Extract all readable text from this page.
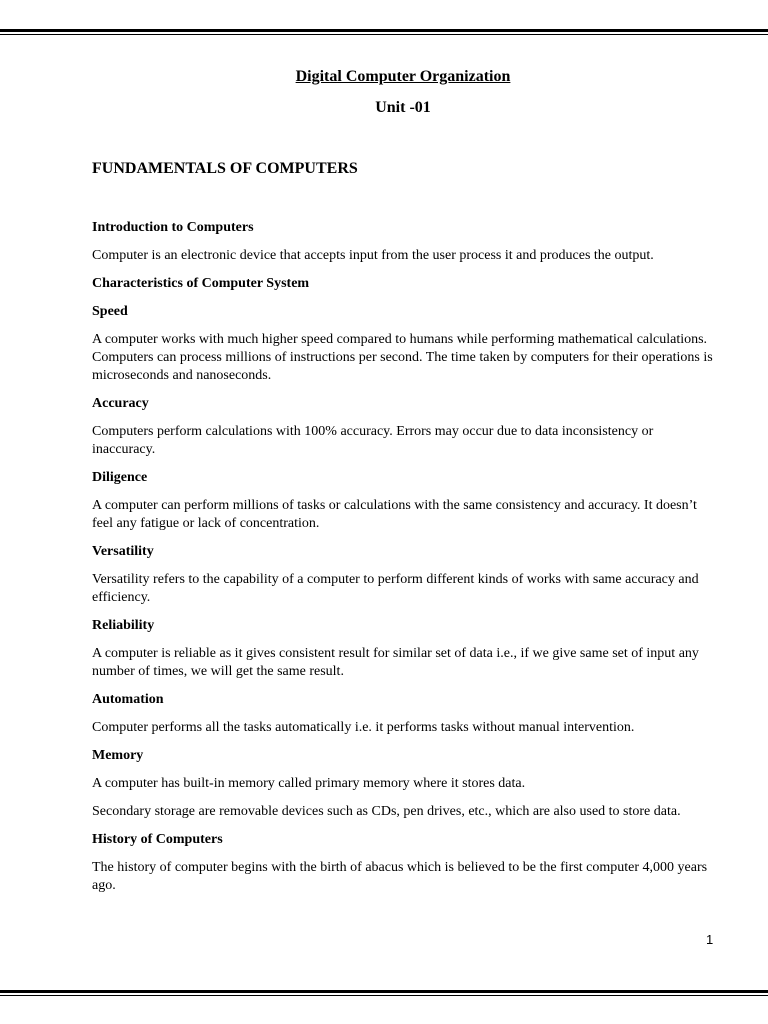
Digital Computer Organization
Unit -01
FUNDAMENTALS OF COMPUTERS

Introduction to Computers

Computer is an electronic device that accepts input from the user process it and produces the output.

Characteristics of Computer System

Speed

A computer works with much higher speed compared to humans while performing mathematical calculations. Computers can process millions of instructions per second. The time taken by computers for their operations is microseconds and nanoseconds.

Accuracy

Computers perform calculations with 100% accuracy. Errors may occur due to data inconsistency or inaccuracy.

Diligence

A computer can perform millions of tasks or calculations with the same consistency and accuracy. It doesn’t feel any fatigue or lack of concentration.

Versatility

Versatility refers to the capability of a computer to perform different kinds of works with same accuracy and efficiency.

Reliability

A computer is reliable as it gives consistent result for similar set of data i.e., if we give same set of input any number of times, we will get the same result.

Automation

Computer performs all the tasks automatically i.e. it performs tasks without manual intervention.

Memory

A computer has built-in memory called primary memory where it stores data.

Secondary storage are removable devices such as CDs, pen drives, etc., which are also used to store data.

History of Computers

The history of computer begins with the birth of abacus which is believed to be the first computer 4,000 years ago.

1
